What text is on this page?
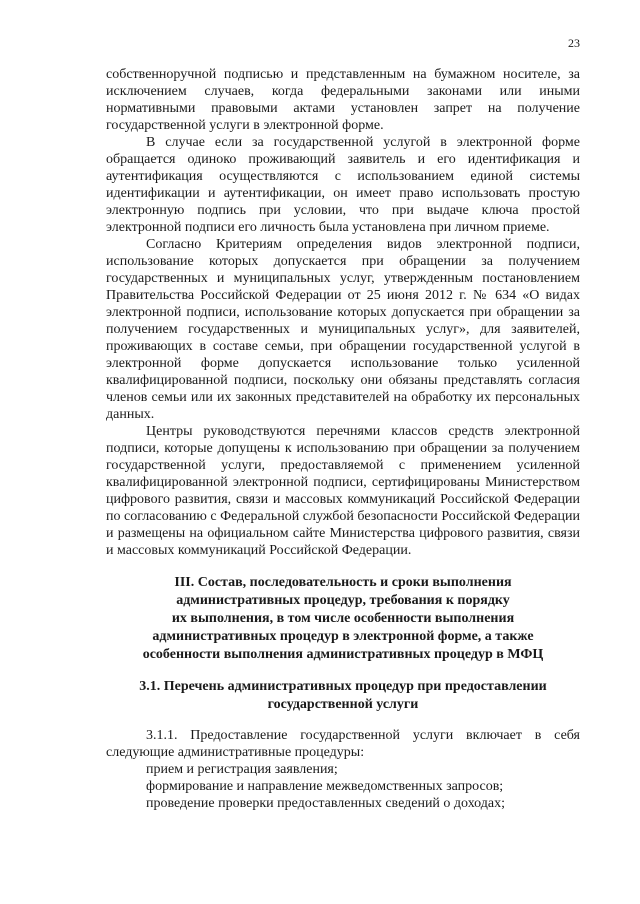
23

собственноручной подписью и представленным на бумажном носителе, за исключением случаев, когда федеральными законами или иными нормативными правовыми актами установлен запрет на получение государственной услуги в электронной форме.

В случае если за государственной услугой в электронной форме обращается одиноко проживающий заявитель и его идентификация и аутентификация осуществляются с использованием единой системы идентификации и аутентификации, он имеет право использовать простую электронную подпись при условии, что при выдаче ключа простой электронной подписи его личность была установлена при личном приеме.

Согласно Критериям определения видов электронной подписи, использование которых допускается при обращении за получением государственных и муниципальных услуг, утвержденным постановлением Правительства Российской Федерации от 25 июня 2012 г. № 634 «О видах электронной подписи, использование которых допускается при обращении за получением государственных и муниципальных услуг», для заявителей, проживающих в составе семьи, при обращении государственной услугой в электронной форме допускается использование только усиленной квалифицированной подписи, поскольку они обязаны представлять согласия членов семьи или их законных представителей на обработку их персональных данных.

Центры руководствуются перечнями классов средств электронной подписи, которые допущены к использованию при обращении за получением государственной услуги, предоставляемой с применением усиленной квалифицированной электронной подписи, сертифицированы Министерством цифрового развития, связи и массовых коммуникаций Российской Федерации по согласованию с Федеральной службой безопасности Российской Федерации и размещены на официальном сайте Министерства цифрового развития, связи и массовых коммуникаций Российской Федерации.

III. Состав, последовательность и сроки выполнения
административных процедур, требования к порядку
их выполнения, в том числе особенности выполнения
административных процедур в электронной форме, а также
особенности выполнения административных процедур в МФЦ
3.1. Перечень административных процедур при предоставлении
государственной услуги

3.1.1. Предоставление государственной услуги включает в себя следующие административные процедуры:

прием и регистрация заявления;

формирование и направление межведомственных запросов;

проведение проверки предоставленных сведений о доходах;
